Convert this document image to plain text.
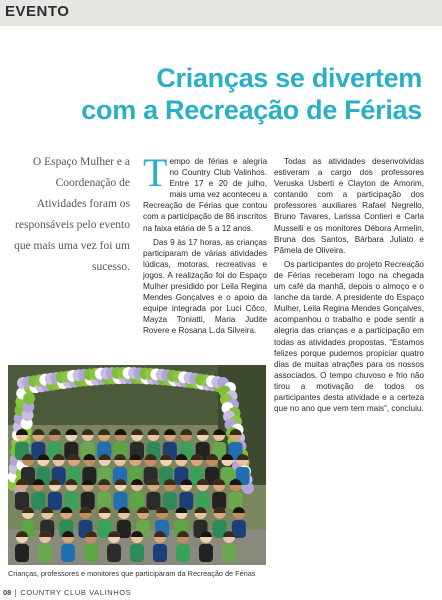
EVENTO
Crianças se divertem
com a Recreação de Férias
O Espaço Mulher e a Coordenação de Atividades foram os responsáveis pelo evento que mais uma vez foi um sucesso.

Tempo de férias e alegria no Country Club Valinhos. Entre 17 e 20 de julho, mais uma vez aconteceu a Recreação de Férias que contou com a participação de 86 inscritos na faixa etária de 5 a 12 anos.

Das 9 às 17 horas, as crianças participaram de várias atividades lúdicas, motoras, recreativas e jogos. A realização foi do Espaço Mulher presidido por Leila Regina Mendes Gonçalves e o apoio da equipe integrada por Luci Côco, Mayza Toniatti, Maria Judite Rovere e Rosana L.da Silveira.

Todas as atividades desenvolvidas estiveram a cargo dos professores Veruska Usberti e Clayton de Amorim, contando com a participação dos professores auxiliares Rafael Negrello, Bruno Tavares, Larissa Contieri e Carla Musselli e os monitores Débora Armelin, Bruna dos Santos, Bárbara Juliato e Pâmela de Oliveira.

Os participantes do projeto Recreação de Férias receberam logo na chegada um café da manhã, depois o almoço e o lanche da tarde. A presidente do Espaço Mulher, Leila Regina Mendes Gonçalves, acompanhou o trabalho e pode sentir a alegria das crianças e a participação em todas as atividades propostas. “Estamos felizes porque pudemos propiciar quatro dias de muitas atrações para os nossos associados. O tempo chuvoso e frio não tirou a motivação de todos os participantes desta atividade e a certeza que no ano que vem tem mais”, concluiu.

Crianças, professores e monitores que participaram da Recreação de Férias
08 COUNTRY CLUB VALINHOS
